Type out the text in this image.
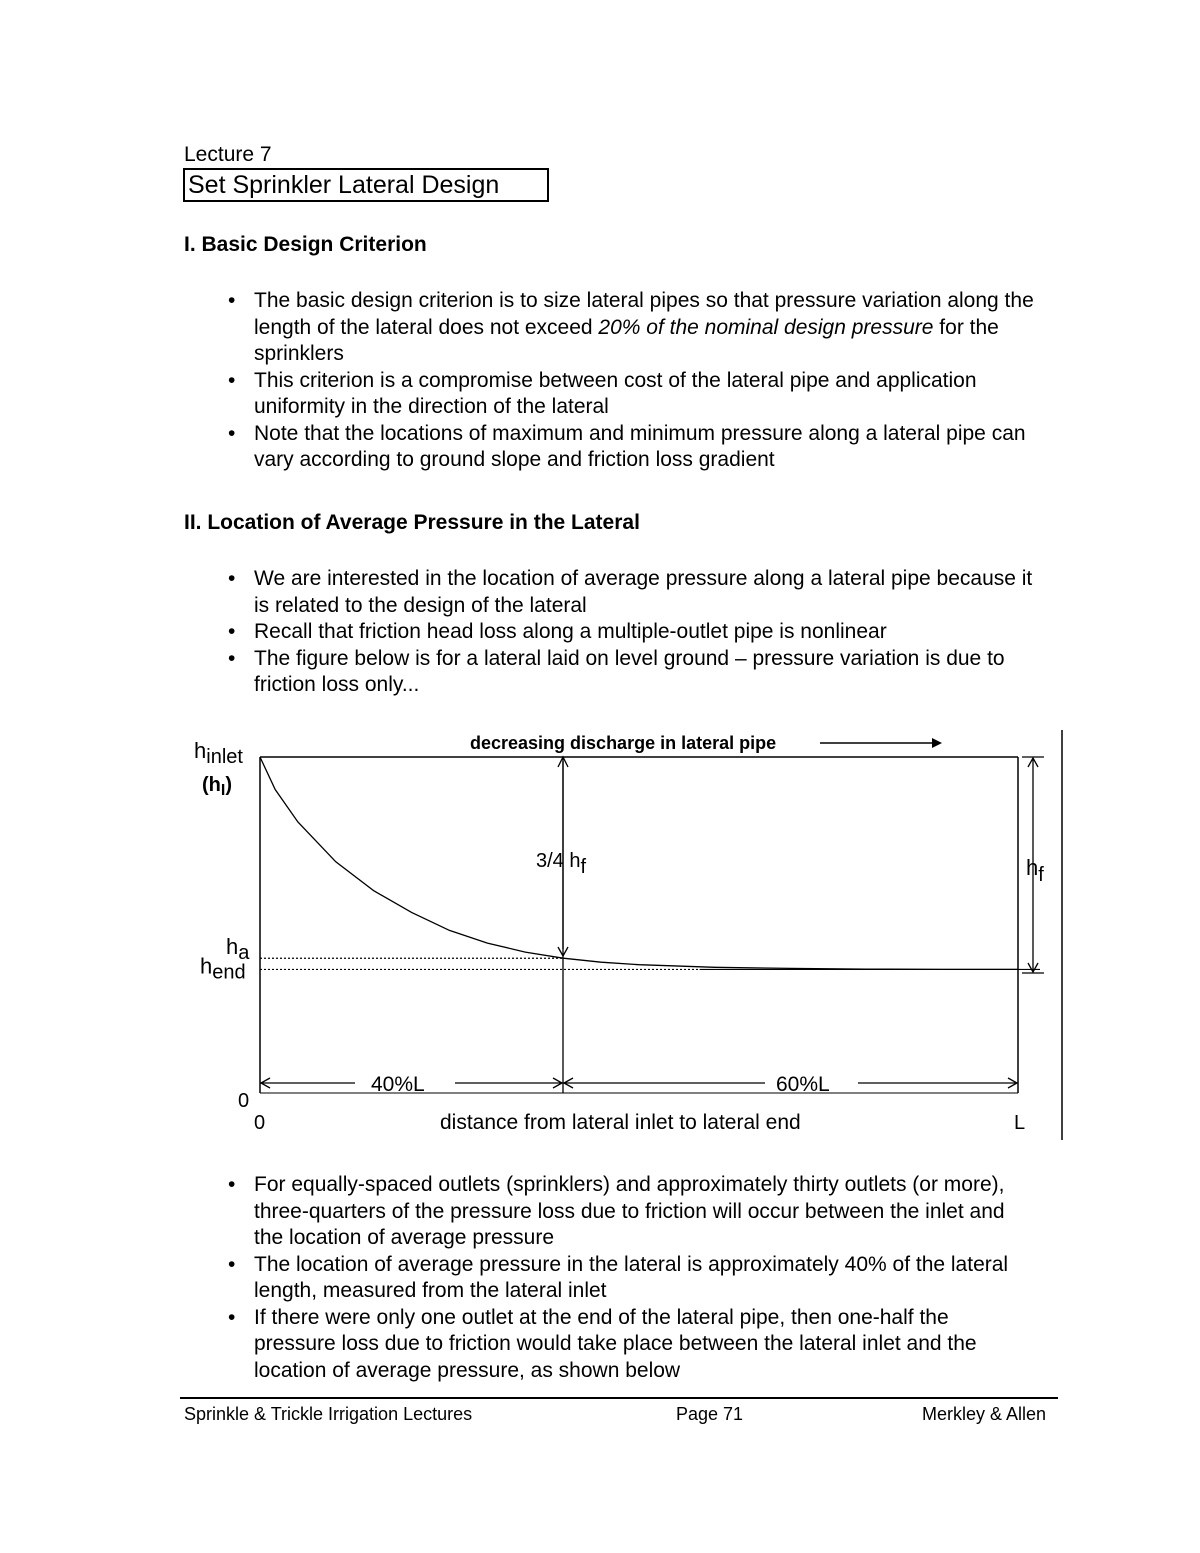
Lecture 7
Set Sprinkler Lateral Design
I. Basic Design Criterion
• The basic design criterion is to size lateral pipes so that pressure variation along the length of the lateral does not exceed 20% of the nominal design pressure for the sprinklers
• This criterion is a compromise between cost of the lateral pipe and application uniformity in the direction of the lateral
• Note that the locations of maximum and minimum pressure along a lateral pipe can vary according to ground slope and friction loss gradient
II. Location of Average Pressure in the Lateral
• We are interested in the location of average pressure along a lateral pipe because it is related to the design of the lateral
• Recall that friction head loss along a multiple-outlet pipe is nonlinear
• The figure below is for a lateral laid on level ground – pressure variation is due to friction loss only...
decreasing discharge in lateral pipe
hinlet
$(h_I)$
ha
hend
0
0	L
distance from lateral inlet to lateral end
3/4 hf	hf
40%L	60%L
• For equally-spaced outlets (sprinklers) and approximately thirty outlets (or more), three-quarters of the pressure loss due to friction will occur between the inlet and the location of average pressure
• The location of average pressure in the lateral is approximately 40% of the lateral length, measured from the lateral inlet
• If there were only one outlet at the end of the lateral pipe, then one-half the pressure loss due to friction would take place between the lateral inlet and the location of average pressure, as shown below
Sprinkle & Trickle Irrigation Lectures	Page 71	Merkley & Allen
